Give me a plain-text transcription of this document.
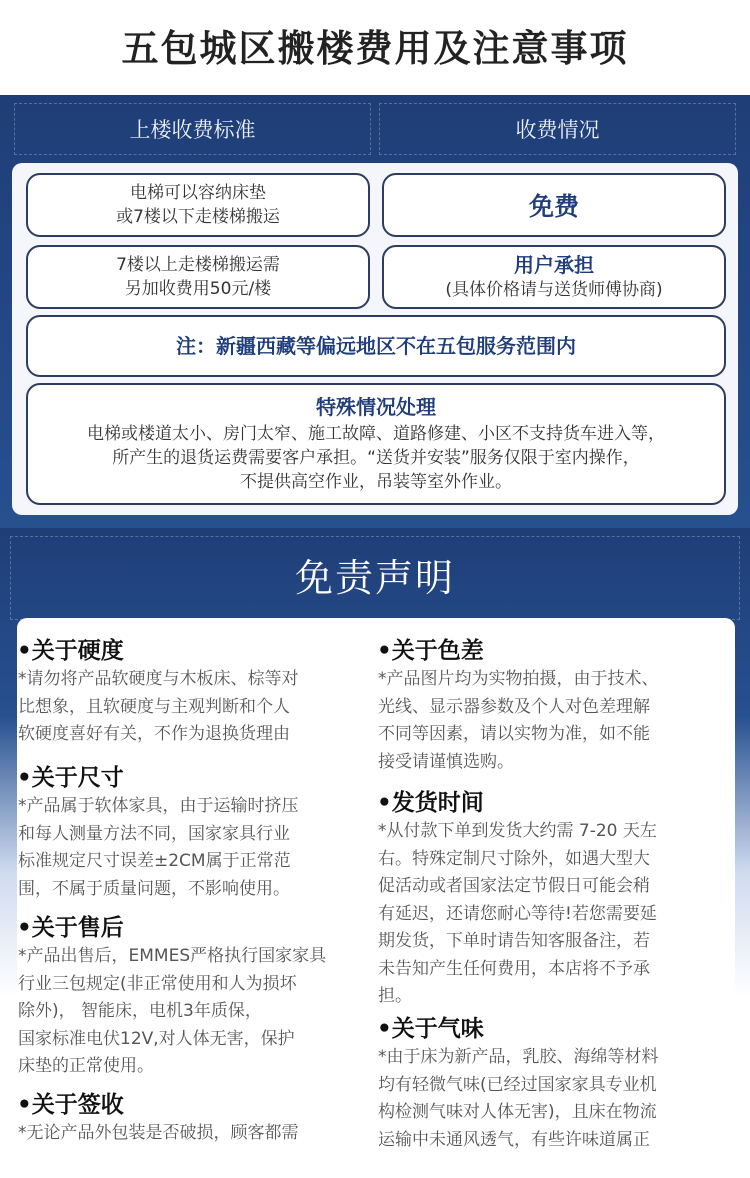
五包城区搬楼费用及注意事项
上楼收费标准	收费情况
电梯可以容纳床垫
或7楼以下走楼梯搬运	免费
7楼以上走楼梯搬运需
另加收费用50元/楼
用户承担
(具体价格请与送货师傅协商)
注：新疆西藏等偏远地区不在五包服务范围内
特殊情况处理
电梯或楼道太小、房门太窄、施工故障、道路修建、小区不支持货车进入等，
所产生的退货运费需要客户承担。“送货并安装”服务仅限于室内操作，
不提供高空作业，吊装等室外作业。
免责声明
•关于硬度
*请勿将产品软硬度与木板床、棕等对
比想象，且软硬度与主观判断和个人
软硬度喜好有关，不作为退换货理由
•关于尺寸
*产品属于软体家具，由于运输时挤压
和每人测量方法不同，国家家具行业
标准规定尺寸误差±2CM属于正常范
围，不属于质量问题，不影响使用。
•关于售后
*产品出售后，EMMES严格执行国家家具
行业三包规定(非正常使用和人为损坏
除外)， 智能床，电机3年质保，
国家标准电伏12V,对人体无害，保护
床垫的正常使用。
•关于签收
*无论产品外包装是否破损，顾客都需
•关于色差
*产品图片均为实物拍摄，由于技术、
光线、显示器参数及个人对色差理解
不同等因素，请以实物为准，如不能
接受请谨慎选购。
•发货时间
*从付款下单到发货大约需 7-20 天左
右。特殊定制尺寸除外，如遇大型大
促活动或者国家法定节假日可能会稍
有延迟，还请您耐心等待!若您需要延
期发货，下单时请告知客服备注，若
未告知产生任何费用，本店将不予承
担。
•关于气味
*由于床为新产品，乳胶、海绵等材料
均有轻微气味(已经过国家家具专业机
构检测气味对人体无害)，且床在物流
运输中未通风透气，有些许味道属正
